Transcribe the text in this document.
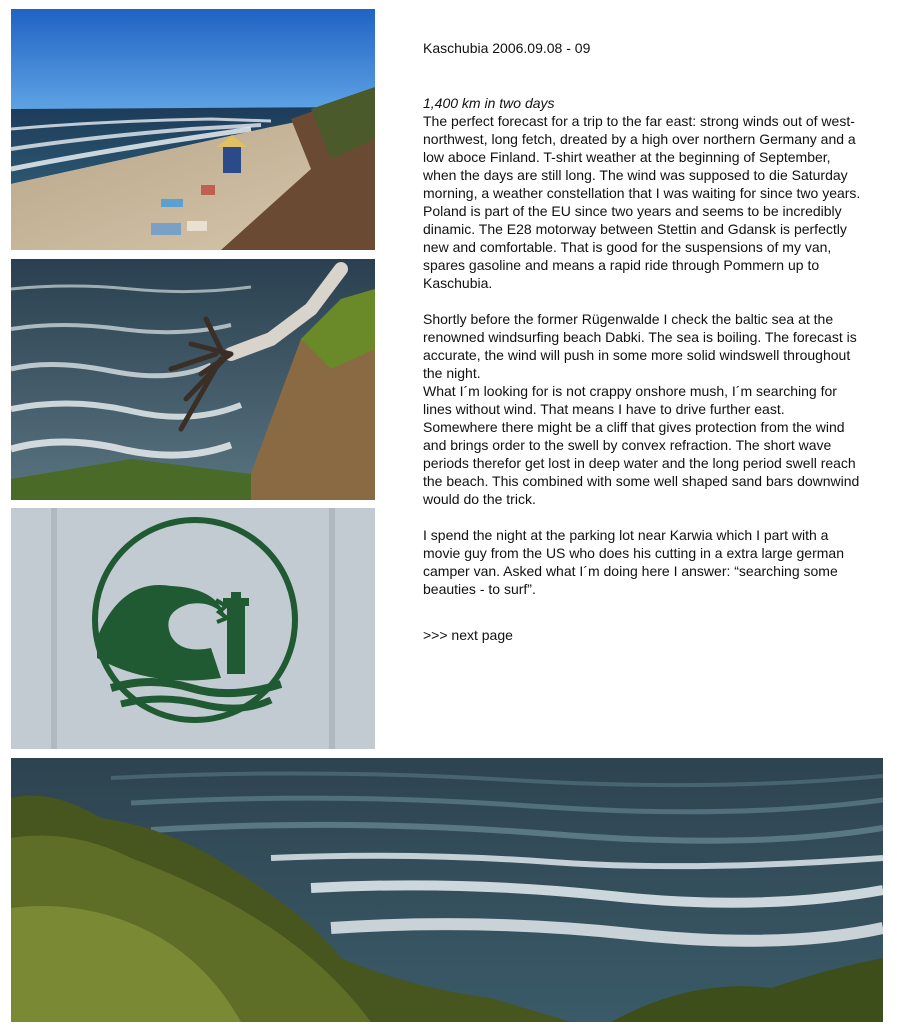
Kaschubia 2006.09.08 - 09

1,400 km in two days

The perfect forecast for a trip to the far east: strong winds out of west-northwest, long fetch, dreated by a high over northern Germany and a low aboce Finland. T-shirt weather at the beginning of September, when the days are still long. The wind was supposed to die Saturday morning, a weather constellation that I was waiting for since two years.

Poland is part of the EU since two years and seems to be incredibly dinamic. The E28 motorway between Stettin and Gdansk is perfectly new and comfortable. That is good for the suspensions of my van, spares gasoline and means a rapid ride through Pommern up to Kaschubia.

Shortly before the former Rügenwalde I check the baltic sea at the renowned windsurfing beach Dabki. The sea is boiling. The forecast is accurate, the wind will push in some more solid windswell throughout the night.

What I´m looking for is not crappy onshore mush, I´m searching for lines without wind. That means I have to drive further east. Somewhere there might be a cliff that gives protection from the wind and brings order to the swell by convex refraction. The short wave periods therefor get lost in deep water and the long period swell reach the beach. This combined with some well shaped sand bars downwind would do the trick.

I spend the night at the parking lot near Karwia which I part with a movie guy from the US who does his cutting in a extra large german camper van. Asked what I´m doing here I answer: “searching some beauties - to surf”.

>>> next page
